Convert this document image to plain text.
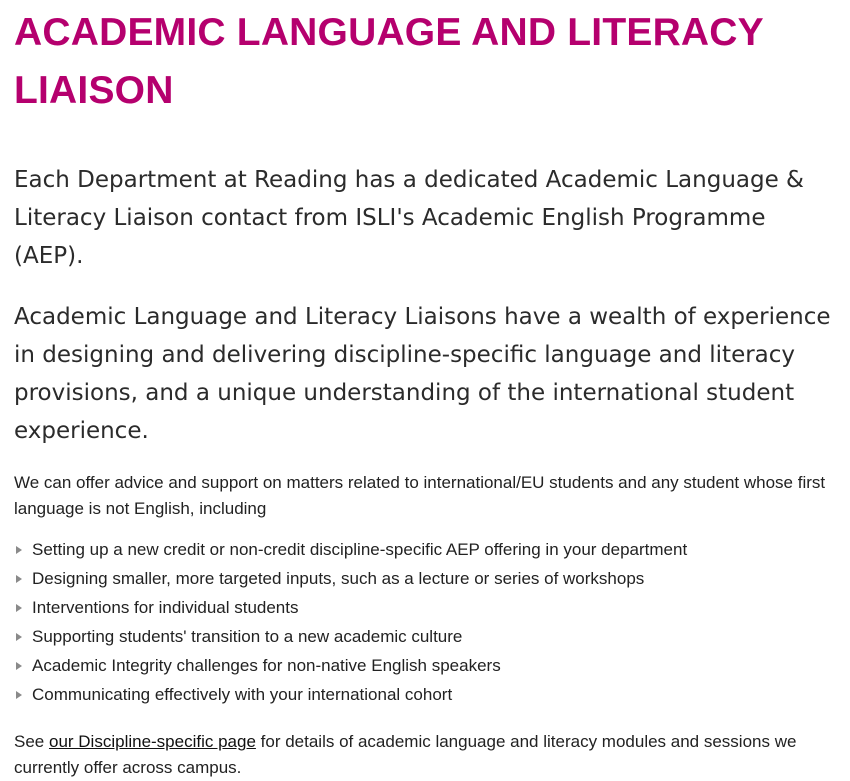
ACADEMIC LANGUAGE AND LITERACY LIAISON

Each Department at Reading has a dedicated Academic Language & Literacy Liaison contact from ISLI's Academic English Programme (AEP).

Academic Language and Literacy Liaisons have a wealth of experience in designing and delivering discipline-specific language and literacy provisions, and a unique understanding of the international student experience.

We can offer advice and support on matters related to international/EU students and any student whose first language is not English, including

Setting up a new credit or non-credit discipline-specific AEP offering in your department
Designing smaller, more targeted inputs, such as a lecture or series of workshops
Interventions for individual students
Supporting students' transition to a new academic culture
Academic Integrity challenges for non-native English speakers
Communicating effectively with your international cohort

See our Discipline-specific page for details of academic language and literacy modules and sessions we currently offer across campus.
